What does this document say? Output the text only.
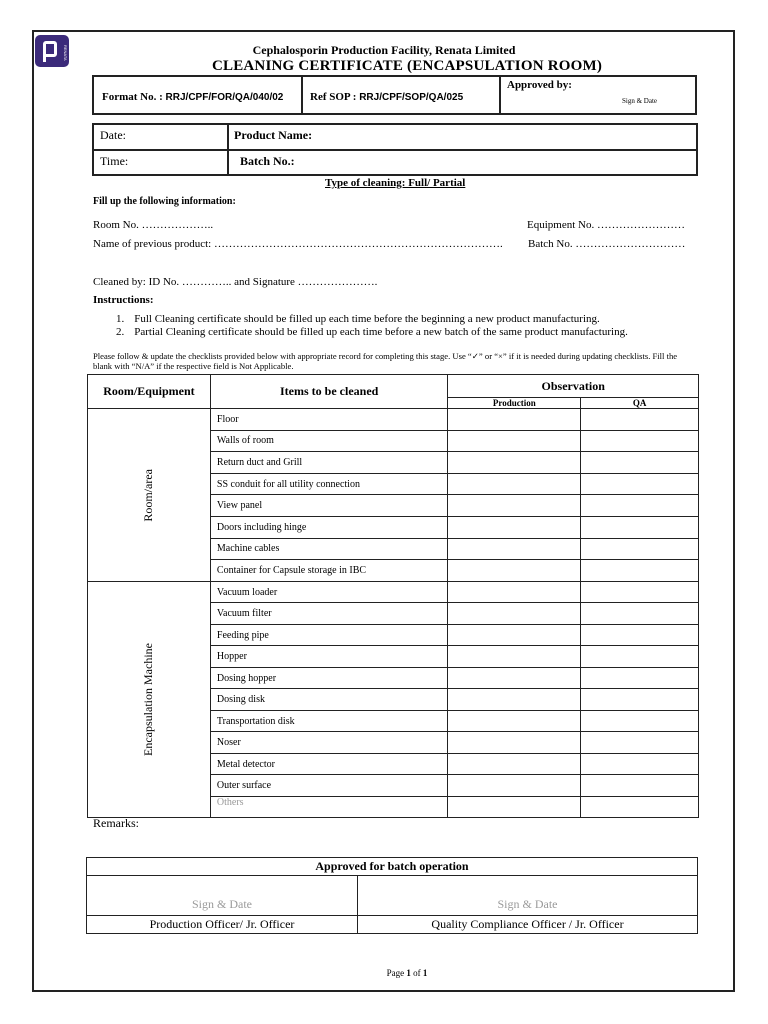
RENATA	Cephalosporin Production Facility, Renata Limited
CLEANING CERTIFICATE (ENCAPSULATION ROOM)
Format No. : RRJ/CPF/FOR/QA/040/02 Ref SOP : RRJ/CPF/SOP/QA/025
Approved by:
Sign & Date
Date:	Product Name:
Time:	Batch No.:
Type of cleaning: Full/ Partial
Fill up the following information:
Room No. ………………..	Equipment No. ……………………
Name of previous product: ……………………………………………………………………. Batch No. …………………………
Cleaned by: ID No. ………….. and Signature ………………….
Instructions:
1. Full Cleaning certificate should be filled up each time before the beginning a new product manufacturing.
2. Partial Cleaning certificate should be filled up each time before a new batch of the same product manufacturing.
Please follow & update the checklists provided below with appropriate record for completing this stage. Use “✓” or “×” if it is needed during updating checklists. Fill the blank with “N/A” if the respective field is Not Applicable.
Room/Equipment	Items to be cleaned	Observation	
		Production	QA

Room/area	Floor		
	Walls of room		
	Return duct and Grill		
	SS conduit for all utility connection		
	View panel		
	Doors including hinge		
	Machine cables		
	Container for Capsule storage in IBC		

Encapsulation Machine	Vacuum loader		
	Vacuum filter		
	Feeding pipe		
	Hopper		
	Dosing hopper		
	Dosing disk		
	Transportation disk		
	Noser		
	Metal detector		
	Outer surface		
	Others		
Remarks:
Approved for batch operation	
Sign & Date	Sign & Date
Production Officer/ Jr. Officer	Quality Compliance Officer / Jr. Officer
Page 1 of 1
